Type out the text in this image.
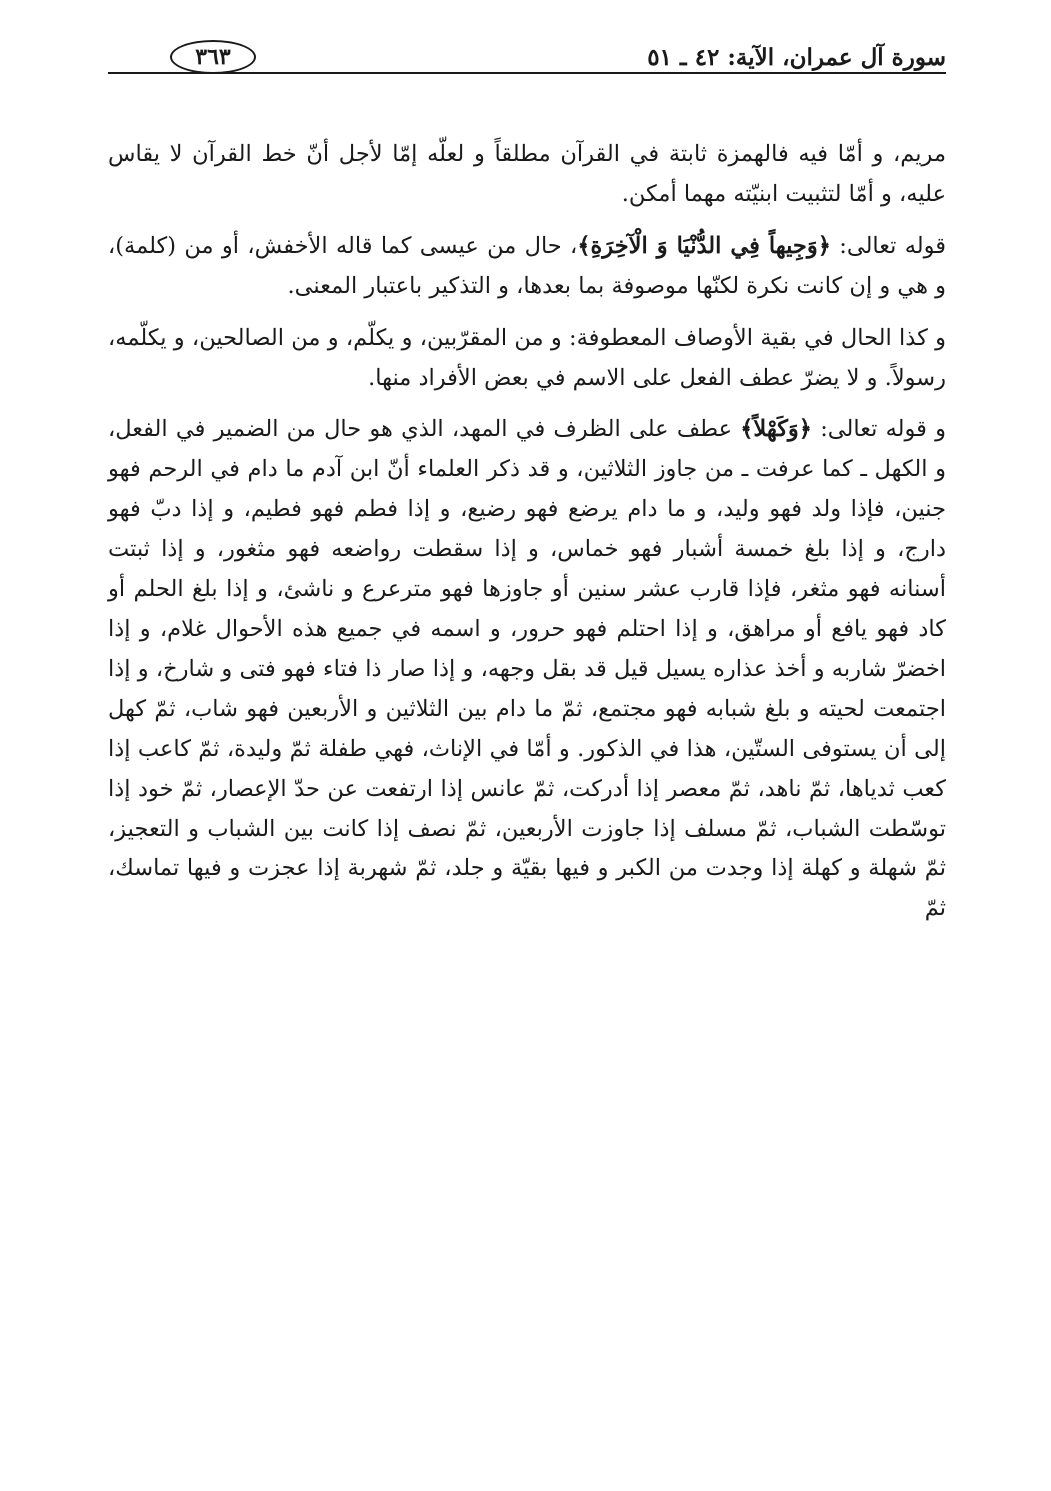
سورة آل عمران، الآية: ٤٢ ـ ٥١
٣٦٣

مريم، و أمّا فيه فالهمزة ثابتة في القرآن مطلقاً و لعلّه إمّا لأجل أنّ خط القرآن لا يقاس عليه، و أمّا لتثبيت ابنيّته مهما أمكن.

قوله تعالى: ﴿وَجِيهاً فِي الدُّنْيَا وَ الْآخِرَةِ﴾، حال من عيسى كما قاله الأخفش، أو من (كلمة)، و هي و إن كانت نكرة لكنّها موصوفة بما بعدها، و التذكير باعتبار المعنى.

و كذا الحال في بقية الأوصاف المعطوفة: و من المقرّبين، و يكلّم، و من الصالحين، و يكلّمه، رسولاً. و لا يضرّ عطف الفعل على الاسم في بعض الأفراد منها.

و قوله تعالى: ﴿وَكَهْلاً﴾ عطف على الظرف في المهد، الذي هو حال من الضمير في الفعل، و الكهل ـ كما عرفت ـ من جاوز الثلاثين، و قد ذكر العلماء أنّ ابن آدم ما دام في الرحم فهو جنين، فإذا ولد فهو وليد، و ما دام يرضع فهو رضيع، و إذا فطم فهو فطيم، و إذا دبّ فهو دارج، و إذا بلغ خمسة أشبار فهو خماس، و إذا سقطت رواضعه فهو مثغور، و إذا ثبتت أسنانه فهو مثغر، فإذا قارب عشر سنين أو جاوزها فهو مترعرع و ناشئ، و إذا بلغ الحلم أو كاد فهو يافع أو مراهق، و إذا احتلم فهو حرور، و اسمه في جميع هذه الأحوال غلام، و إذا اخضرّ شاربه و أخذ عذاره يسيل قيل قد بقل وجهه، و إذا صار ذا فتاء فهو فتى و شارخ، و إذا اجتمعت لحيته و بلغ شبابه فهو مجتمع، ثمّ ما دام بين الثلاثين و الأربعين فهو شاب، ثمّ كهل إلى أن يستوفى الستّين، هذا في الذكور. و أمّا في الإناث، فهي طفلة ثمّ وليدة، ثمّ كاعب إذا كعب ثدياها، ثمّ ناهد، ثمّ معصر إذا أدركت، ثمّ عانس إذا ارتفعت عن حدّ الإعصار، ثمّ خود إذا توسّطت الشباب، ثمّ مسلف إذا جاوزت الأربعين، ثمّ نصف إذا كانت بين الشباب و التعجيز، ثمّ شهلة و كهلة إذا وجدت من الكبر و فيها بقيّة و جلد، ثمّ شهربة إذا عجزت و فيها تماسك، ثمّ
